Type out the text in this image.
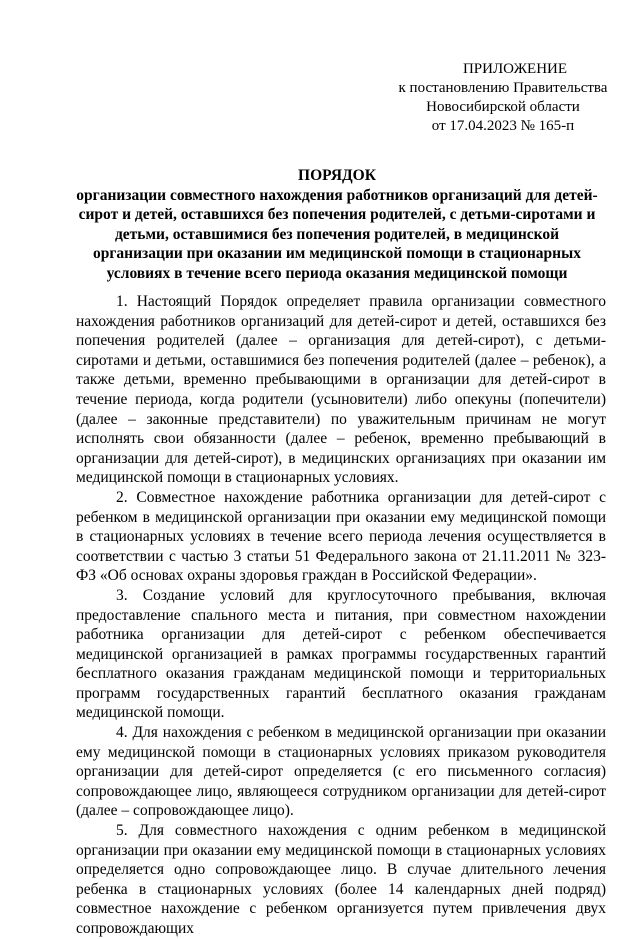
ПРИЛОЖЕНИЕ
к постановлению Правительства
Новосибирской области
от 17.04.2023 № 165-п
ПОРЯДОК
организации совместного нахождения работников организаций для детей-сирот и детей, оставшихся без попечения родителей, с детьми-сиротами и детьми, оставшимися без попечения родителей, в медицинской организации при оказании им медицинской помощи в стационарных условиях в течение всего периода оказания медицинской помощи

1. Настоящий Порядок определяет правила организации совместного нахождения работников организаций для детей-сирот и детей, оставшихся без попечения родителей (далее – организация для детей-сирот), с детьми-сиротами и детьми, оставшимися без попечения родителей (далее – ребенок), а также детьми, временно пребывающими в организации для детей-сирот в течение периода, когда родители (усыновители) либо опекуны (попечители) (далее – законные представители) по уважительным причинам не могут исполнять свои обязанности (далее – ребенок, временно пребывающий в организации для детей-сирот), в медицинских организациях при оказании им медицинской помощи в стационарных условиях.

2. Совместное нахождение работника организации для детей-сирот с ребенком в медицинской организации при оказании ему медицинской помощи в стационарных условиях в течение всего периода лечения осуществляется в соответствии с частью 3 статьи 51 Федерального закона от 21.11.2011 № 323-ФЗ «Об основах охраны здоровья граждан в Российской Федерации».

3. Создание условий для круглосуточного пребывания, включая предоставление спального места и питания, при совместном нахождении работника организации для детей-сирот с ребенком обеспечивается медицинской организацией в рамках программы государственных гарантий бесплатного оказания гражданам медицинской помощи и территориальных программ государственных гарантий бесплатного оказания гражданам медицинской помощи.

4. Для нахождения с ребенком в медицинской организации при оказании ему медицинской помощи в стационарных условиях приказом руководителя организации для детей-сирот определяется (с его письменного согласия) сопровождающее лицо, являющееся сотрудником организации для детей-сирот (далее – сопровождающее лицо).

5. Для совместного нахождения с одним ребенком в медицинской организации при оказании ему медицинской помощи в стационарных условиях определяется одно сопровождающее лицо. В случае длительного лечения ребенка в стационарных условиях (более 14 календарных дней подряд) совместное нахождение с ребенком организуется путем привлечения двух сопровождающих
